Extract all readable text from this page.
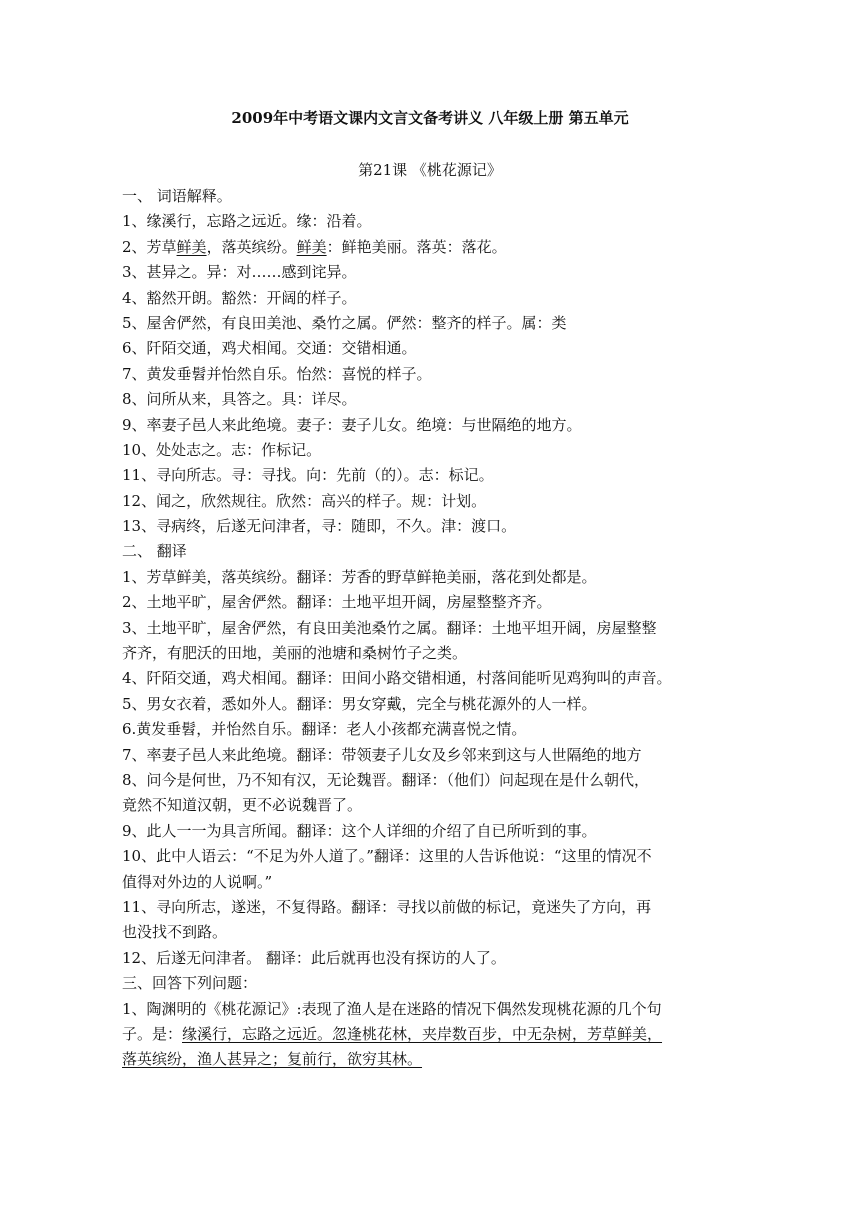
2009年中考语文课内文言文备考讲义 八年级上册 第五单元
第21课 《桃花源记》
一、 词语解释。
1、缘溪行，忘路之远近。缘：沿着。
2、芳草鲜美，落英缤纷。鲜美：鲜艳美丽。落英：落花。
3、甚异之。异：对……感到诧异。
4、豁然开朗。豁然：开阔的样子。
5、屋舍俨然，有良田美池、桑竹之属。俨然：整齐的样子。属：类
6、阡陌交通，鸡犬相闻。交通：交错相通。
7、黄发垂髫并怡然自乐。怡然：喜悦的样子。
8、问所从来，具答之。具：详尽。
9、率妻子邑人来此绝境。妻子：妻子儿女。绝境：与世隔绝的地方。
10、处处志之。志：作标记。
11、寻向所志。寻：寻找。向：先前（的）。志：标记。
12、闻之，欣然规往。欣然：高兴的样子。规：计划。
13、寻病终，后遂无问津者，寻：随即，不久。津：渡口。
二、 翻译
1、芳草鲜美，落英缤纷。翻译：芳香的野草鲜艳美丽，落花到处都是。
2、土地平旷，屋舍俨然。翻译：土地平坦开阔，房屋整整齐齐。
3、土地平旷，屋舍俨然，有良田美池桑竹之属。翻译：土地平坦开阔，房屋整整
齐齐，有肥沃的田地，美丽的池塘和桑树竹子之类。
4、阡陌交通，鸡犬相闻。翻译：田间小路交错相通，村落间能听见鸡狗叫的声音。
5、男女衣着，悉如外人。翻译：男女穿戴，完全与桃花源外的人一样。
6.黄发垂髫，并怡然自乐。翻译：老人小孩都充满喜悦之情。
7、率妻子邑人来此绝境。翻译：带领妻子儿女及乡邻来到这与人世隔绝的地方
8、问今是何世，乃不知有汉，无论魏晋。翻译：（他们）问起现在是什么朝代，
竟然不知道汉朝，更不必说魏晋了。
9、此人一一为具言所闻。翻译：这个人详细的介绍了自已所听到的事。
10、此中人语云：“不足为外人道了。”翻译：这里的人告诉他说：“这里的情况不
值得对外边的人说啊。”
11、寻向所志，遂迷，不复得路。翻译：寻找以前做的标记，竟迷失了方向，再
也没找不到路。
12、后遂无问津者。 翻译：此后就再也没有探访的人了。
三、回答下列问题：
1、陶渊明的《桃花源记》:表现了渔人是在迷路的情况下偶然发现桃花源的几个句
子。是：缘溪行，忘路之远近。忽逢桃花林，夹岸数百步，中无杂树，芳草鲜美，
落英缤纷，渔人甚异之；复前行，欲穷其林。
